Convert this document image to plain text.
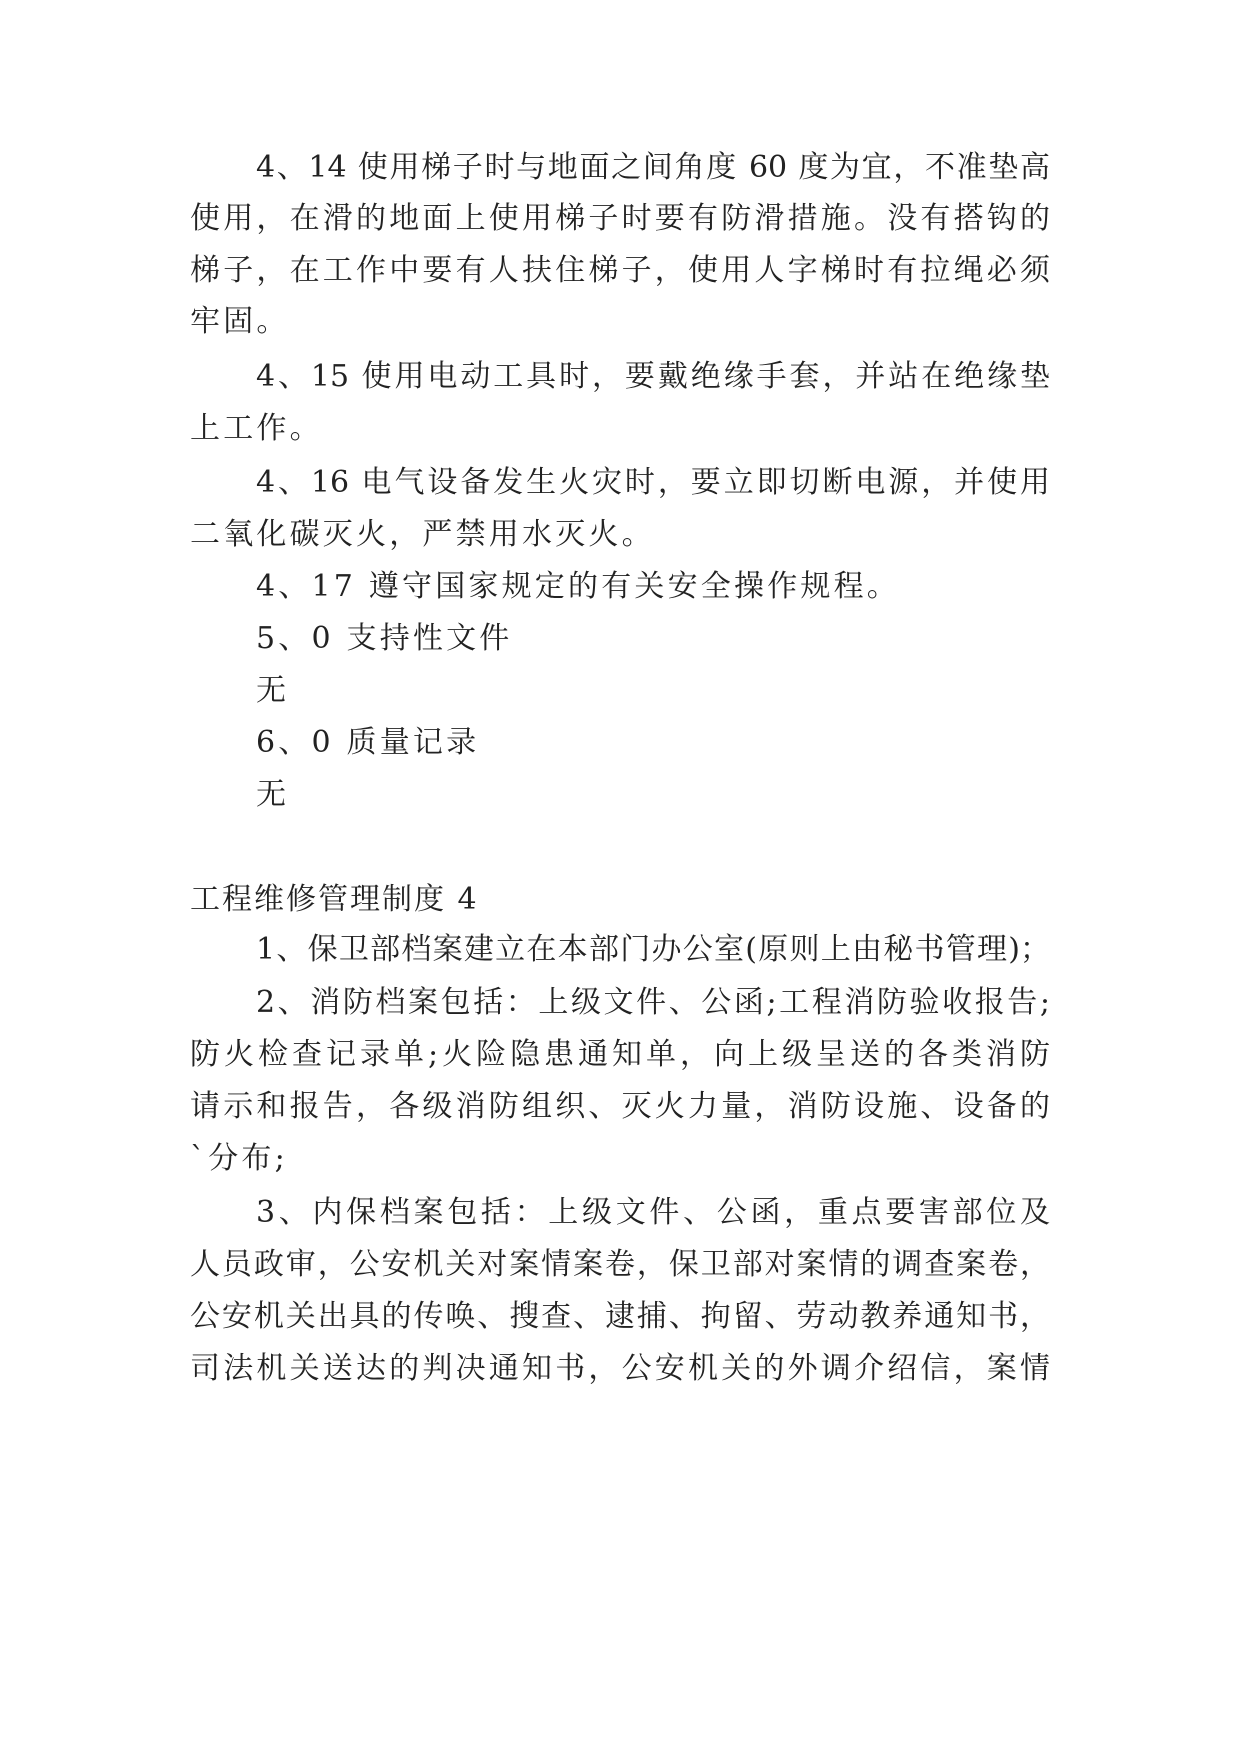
4、14 使用梯子时与地面之间角度 60 度为宜，不准垫高
使用，在滑的地面上使用梯子时要有防滑措施。没有搭钩的
梯子，在工作中要有人扶住梯子，使用人字梯时有拉绳必须
牢固。
4、15 使用电动工具时，要戴绝缘手套，并站在绝缘垫
上工作。
4、16 电气设备发生火灾时，要立即切断电源，并使用
二氧化碳灭火，严禁用水灭火。
4、17 遵守国家规定的有关安全操作规程。
5、0 支持性文件
无
6、0 质量记录
无
工程维修管理制度 4
1、保卫部档案建立在本部门办公室(原则上由秘书管理)；
2、消防档案包括：上级文件、公函;工程消防验收报告;
防火检查记录单;火险隐患通知单，向上级呈送的各类消防
请示和报告，各级消防组织、灭火力量，消防设施、设备的
`分布;
3、内保档案包括：上级文件、公函，重点要害部位及
人员政审，公安机关对案情案卷，保卫部对案情的调查案卷，
公安机关出具的传唤、搜查、逮捕、拘留、劳动教养通知书，
司法机关送达的判决通知书，公安机关的外调介绍信，案情
